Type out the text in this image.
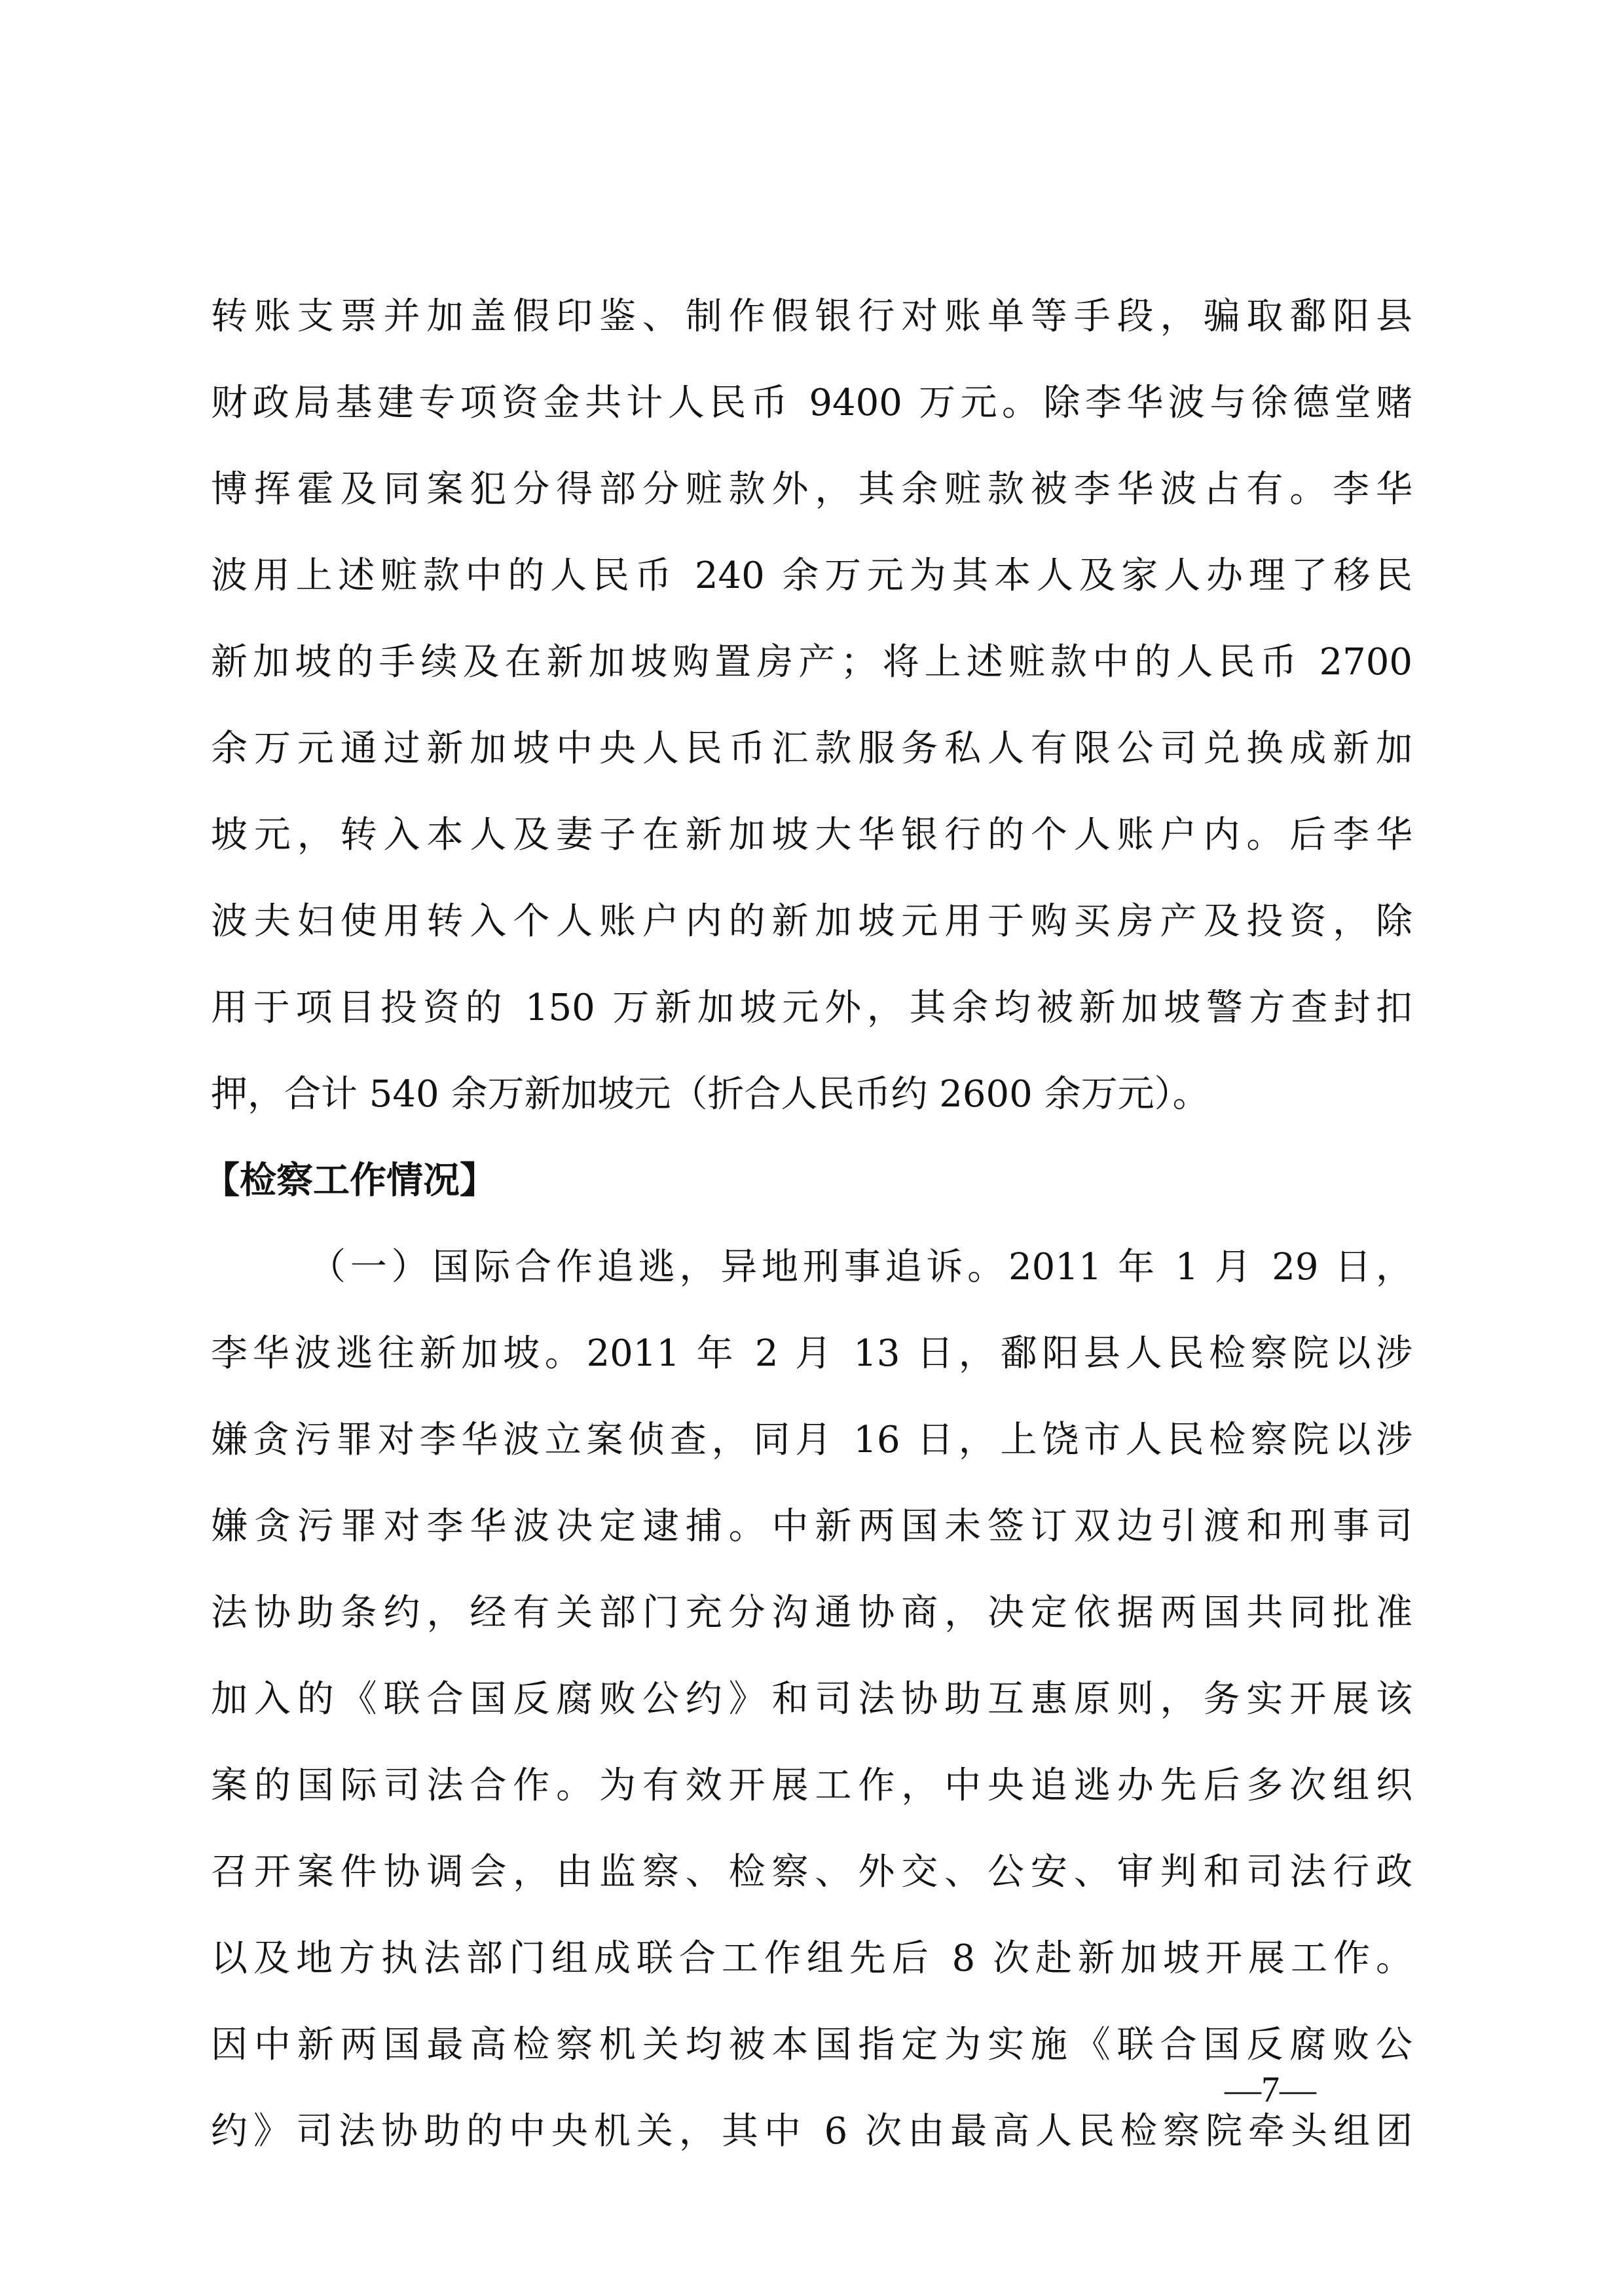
转账支票并加盖假印鉴、制作假银行对账单等手段，骗取鄱阳县
财政局基建专项资金共计人民币 9400 万元。除李华波与徐德堂赌
博挥霍及同案犯分得部分赃款外，其余赃款被李华波占有。李华
波用上述赃款中的人民币 240 余万元为其本人及家人办理了移民
新加坡的手续及在新加坡购置房产；将上述赃款中的人民币 2700
余万元通过新加坡中央人民币汇款服务私人有限公司兑换成新加
坡元，转入本人及妻子在新加坡大华银行的个人账户内。后李华
波夫妇使用转入个人账户内的新加坡元用于购买房产及投资，除
用于项目投资的 150 万新加坡元外，其余均被新加坡警方查封扣
押，合计 540 余万新加坡元（折合人民币约 2600 余万元）。
【检察工作情况】
（一）国际合作追逃，异地刑事追诉。2011 年 1 月 29 日，
李华波逃往新加坡。2011 年 2 月 13 日，鄱阳县人民检察院以涉
嫌贪污罪对李华波立案侦查，同月 16 日，上饶市人民检察院以涉
嫌贪污罪对李华波决定逮捕。中新两国未签订双边引渡和刑事司
法协助条约，经有关部门充分沟通协商，决定依据两国共同批准
加入的《联合国反腐败公约》和司法协助互惠原则，务实开展该
案的国际司法合作。为有效开展工作，中央追逃办先后多次组织
召开案件协调会，由监察、检察、外交、公安、审判和司法行政
以及地方执法部门组成联合工作组先后 8 次赴新加坡开展工作。
因中新两国最高检察机关均被本国指定为实施《联合国反腐败公
约》司法协助的中央机关，其中 6 次由最高人民检察院牵头组团
—7—
